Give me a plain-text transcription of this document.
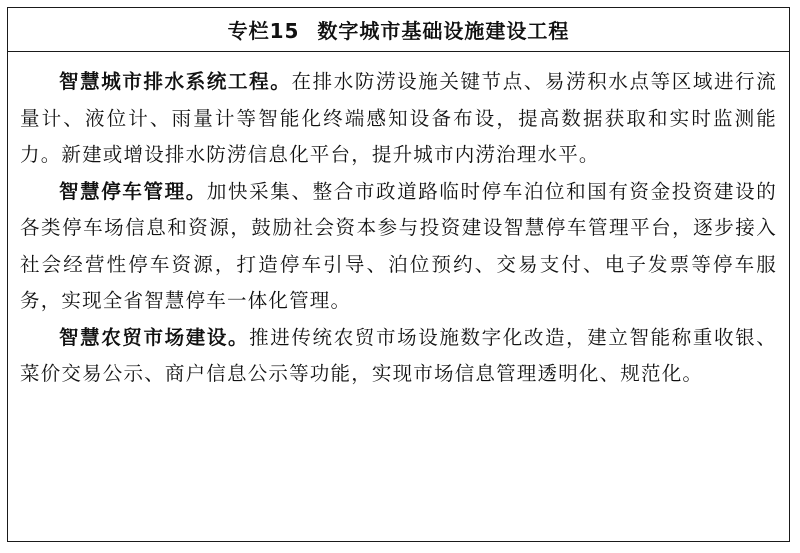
专栏15 数字城市基础设施建设工程

智慧城市排水系统工程。在排水防涝设施关键节点、易涝积水点等区域进行流量计、液位计、雨量计等智能化终端感知设备布设，提高数据获取和实时监测能力。新建或增设排水防涝信息化平台，提升城市内涝治理水平。

智慧停车管理。加快采集、整合市政道路临时停车泊位和国有资金投资建设的各类停车场信息和资源，鼓励社会资本参与投资建设智慧停车管理平台，逐步接入社会经营性停车资源，打造停车引导、泊位预约、交易支付、电子发票等停车服务，实现全省智慧停车一体化管理。

智慧农贸市场建设。推进传统农贸市场设施数字化改造，建立智能称重收银、菜价交易公示、商户信息公示等功能，实现市场信息管理透明化、规范化。
